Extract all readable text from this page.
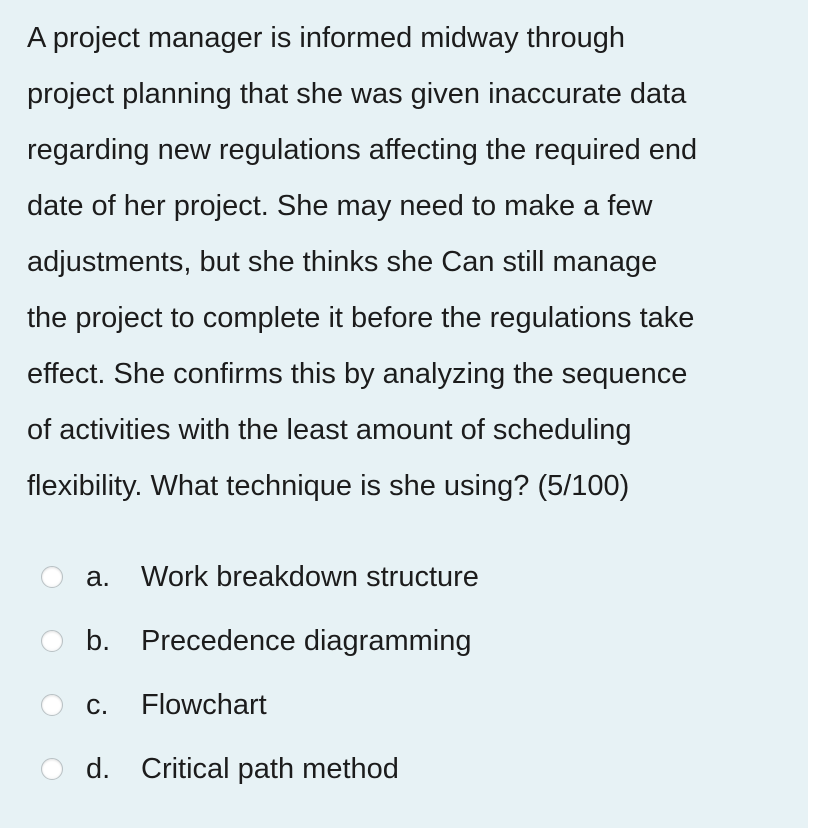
A project manager is informed midway through
project planning that she was given inaccurate data
regarding new regulations affecting the required end
date of her project. She may need to make a few
adjustments, but she thinks she Can still manage
the project to complete it before the regulations take
effect. She confirms this by analyzing the sequence
of activities with the least amount of scheduling
flexibility. What technique is she using? (5/100)

a. Work breakdown structure
b. Precedence diagramming
c. Flowchart
d. Critical path method
